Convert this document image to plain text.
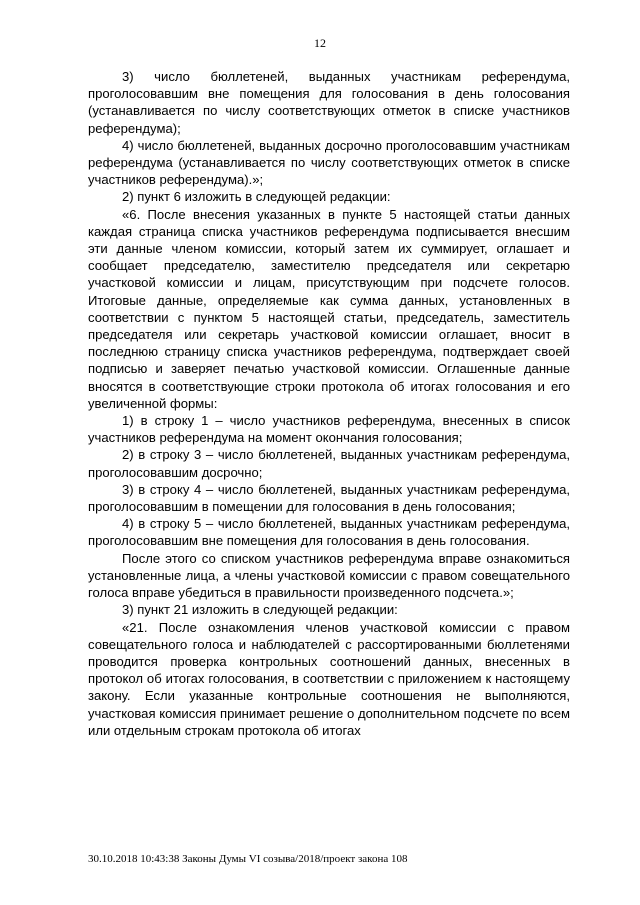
12

3) число бюллетеней, выданных участникам референдума, проголосовавшим вне помещения для голосования в день голосования (устанавливается по числу соответствующих отметок в списке участников референдума);

4) число бюллетеней, выданных досрочно проголосовавшим участникам референдума (устанавливается по числу соответствующих отметок в списке участников референдума).»;

2) пункт 6 изложить в следующей редакции:

«6. После внесения указанных в пункте 5 настоящей статьи данных каждая страница списка участников референдума подписывается внесшим эти данные членом комиссии, который затем их суммирует, оглашает и сообщает председателю, заместителю председателя или секретарю участковой комиссии и лицам, присутствующим при подсчете голосов. Итоговые данные, определяемые как сумма данных, установленных в соответствии с пунктом 5 настоящей статьи, председатель, заместитель председателя или секретарь участковой комиссии оглашает, вносит в последнюю страницу списка участников референдума, подтверждает своей подписью и заверяет печатью участковой комиссии. Оглашенные данные вносятся в соответствующие строки протокола об итогах голосования и его увеличенной формы:

1) в строку 1 – число участников референдума, внесенных в список участников референдума на момент окончания голосования;

2) в строку 3 – число бюллетеней, выданных участникам референдума, проголосовавшим досрочно;

3) в строку 4 – число бюллетеней, выданных участникам референдума, проголосовавшим в помещении для голосования в день голосования;

4) в строку 5 – число бюллетеней, выданных участникам референдума, проголосовавшим вне помещения для голосования в день голосования.

После этого со списком участников референдума вправе ознакомиться установленные лица, а члены участковой комиссии с правом совещательного голоса вправе убедиться в правильности произведенного подсчета.»;

3) пункт 21 изложить в следующей редакции:

«21. После ознакомления членов участковой комиссии с правом совещательного голоса и наблюдателей с рассортированными бюллетенями проводится проверка контрольных соотношений данных, внесенных в протокол об итогах голосования, в соответствии с приложением к настоящему закону. Если указанные контрольные соотношения не выполняются, участковая комиссия принимает решение о дополнительном подсчете по всем или отдельным строкам протокола об итогах

30.10.2018 10:43:38 Законы Думы VI созыва/2018/проект закона 108
